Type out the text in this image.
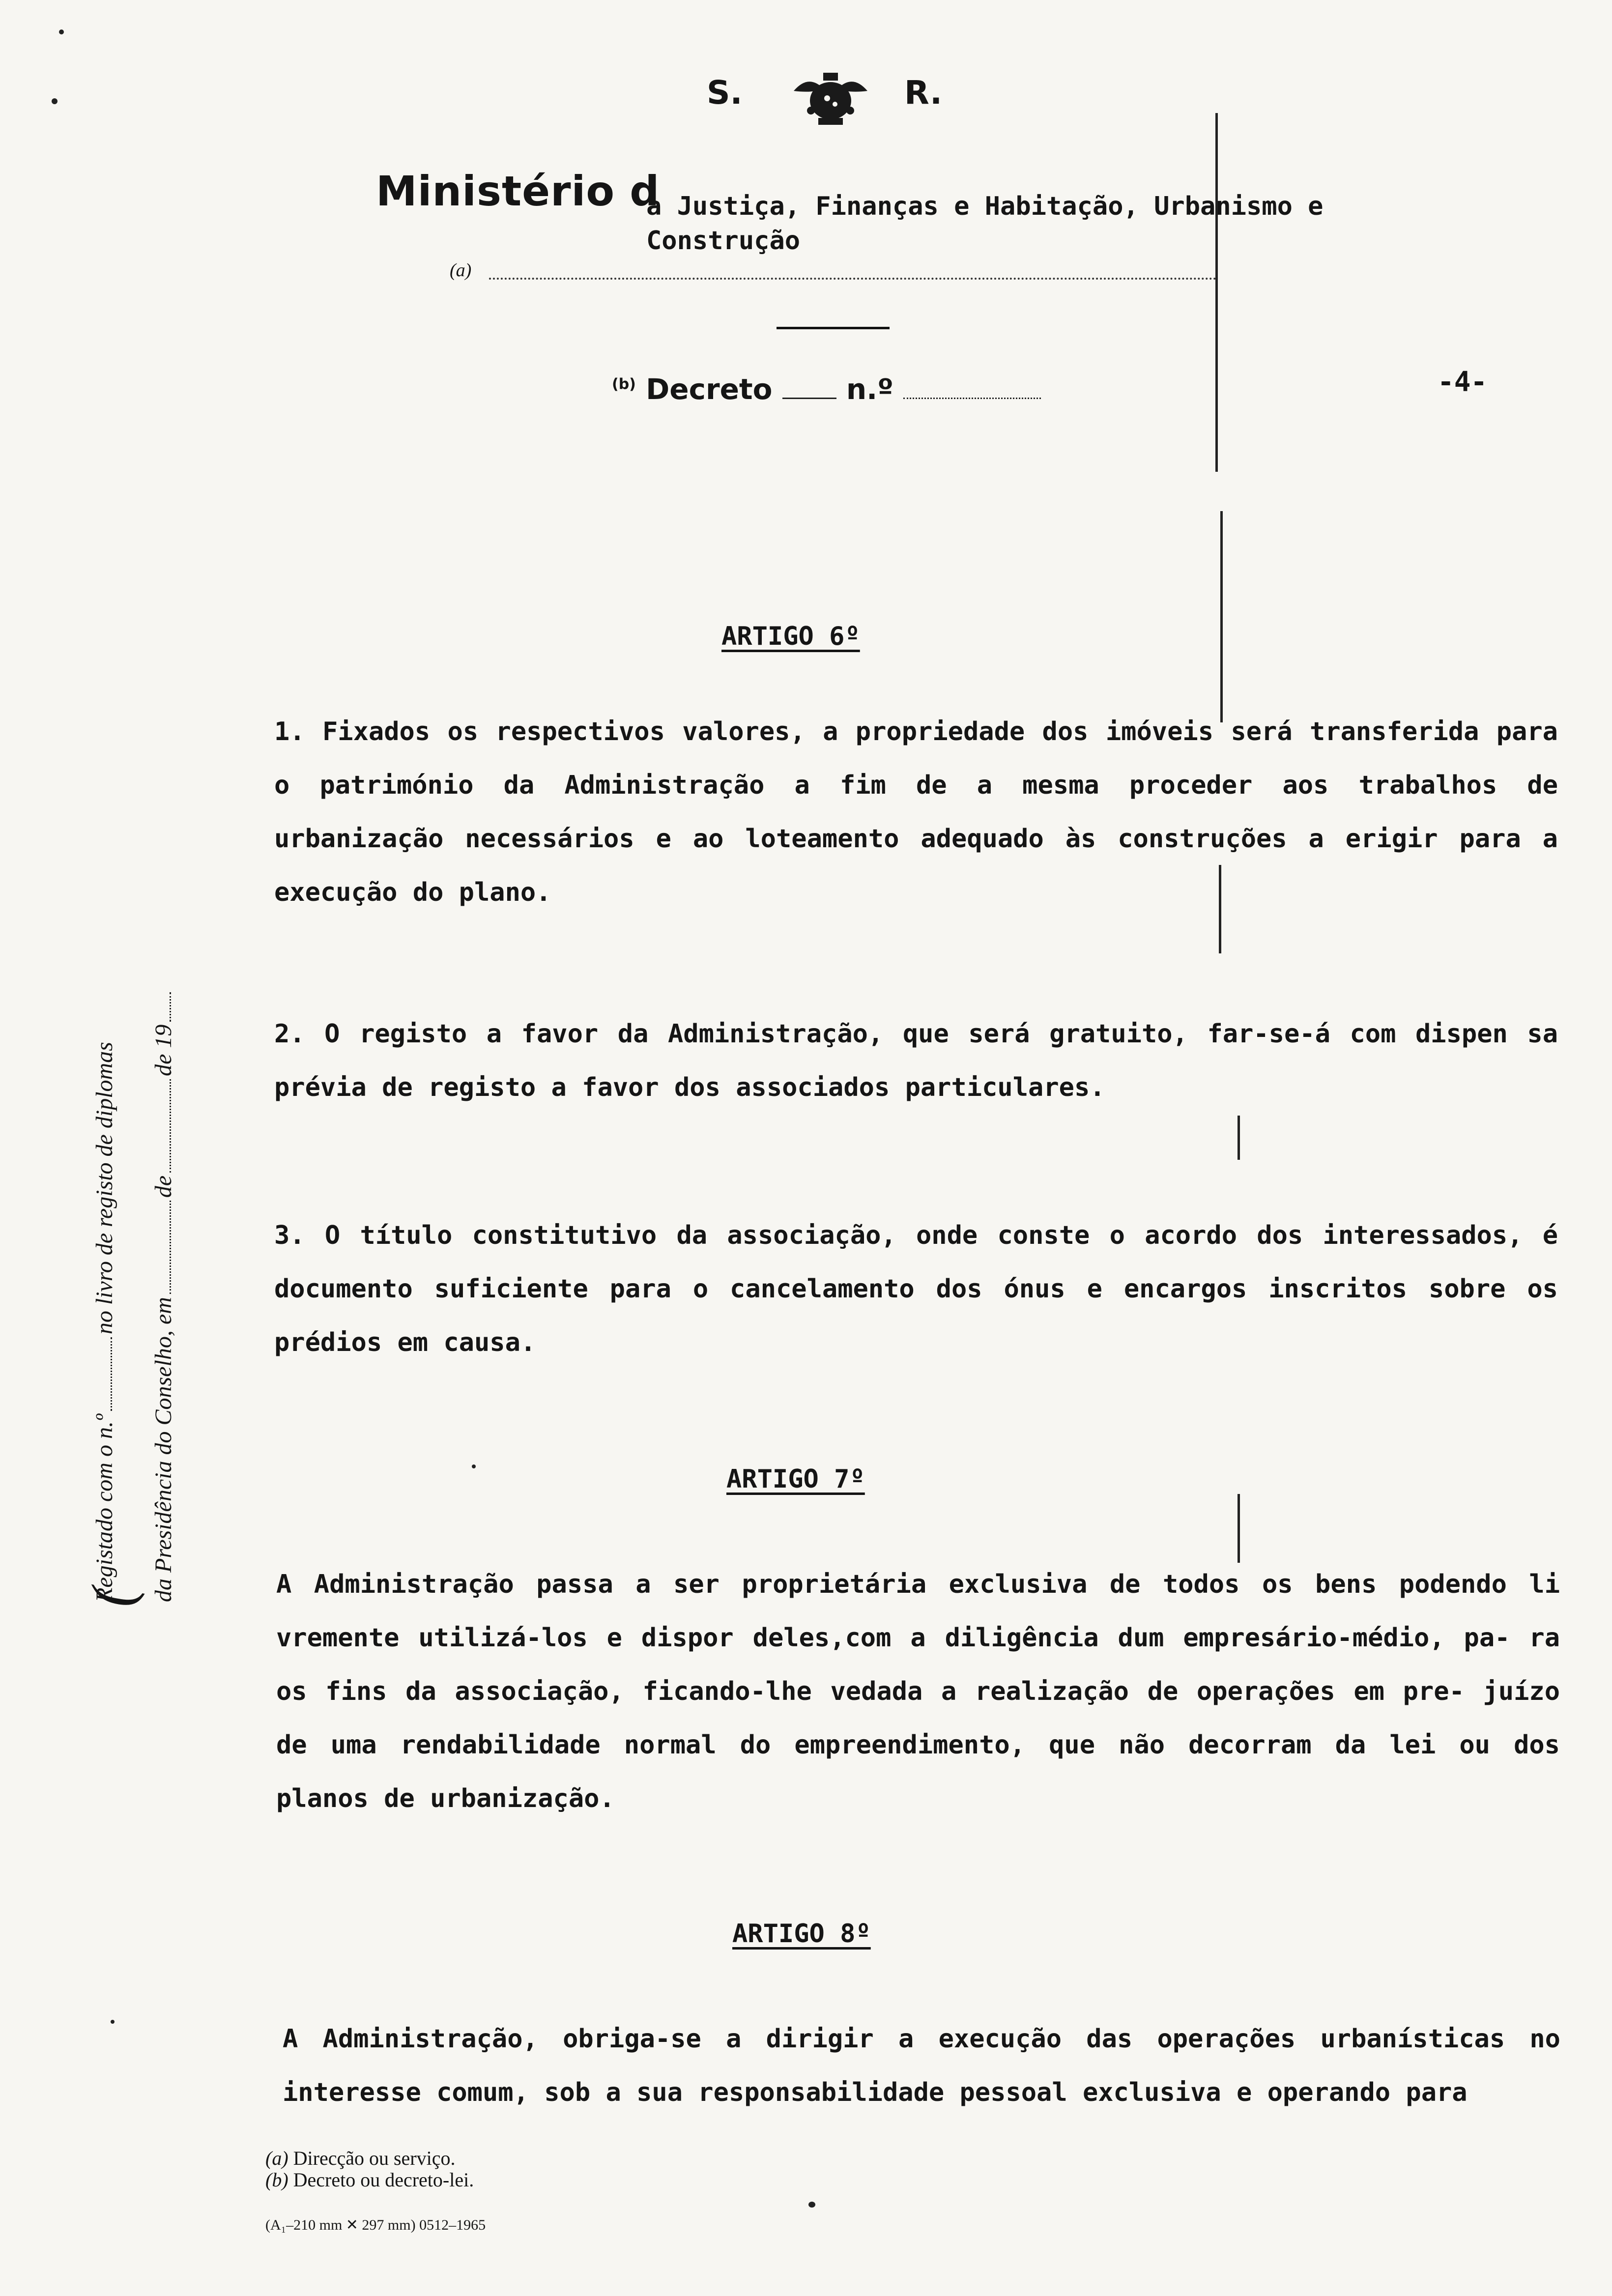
S.	R.
Ministério d
a Justiça, Finanças e Habitação, Urbanismo e Construção
(a)
$^{(b)}$ Decreto	n.º	-4-
(
Registado com o n.ºno livro de registo de diplomas
da Presidência do Conselho, emdede 19
ARTIGO 6º
1. Fixados os respectivos valores, a propriedade dos imóveis será transferida para o património da Administração a fim de a mesma proceder aos trabalhos de urbanização necessários e ao loteamento adequado às construções a erigir para a execução do plano.
2. O registo a favor da Administração, que será gratuito, far-se-á com dispen sa prévia de registo a favor dos associados particulares.
3. O título constitutivo da associação, onde conste o acordo dos interessados, é documento suficiente para o cancelamento dos ónus e encargos inscritos sobre os prédios em causa.
ARTIGO 7º
A Administração passa a ser proprietária exclusiva de todos os bens podendo li vremente utilizá-los e dispor deles,com a diligência dum empresário-médio, pa- ra os fins da associação, ficando-lhe vedada a realização de operações em pre- juízo de uma rendabilidade normal do empreendimento, que não decorram da lei ou dos planos de urbanização.
ARTIGO 8º
A Administração, obriga-se a dirigir a execução das operações urbanísticas no interesse comum, sob a sua responsabilidade pessoal exclusiva e operando para
(a) Direcção ou serviço.
(b) Decreto ou decreto-lei.
(A₁–210 mm ✕ 297 mm) 0512–1965
